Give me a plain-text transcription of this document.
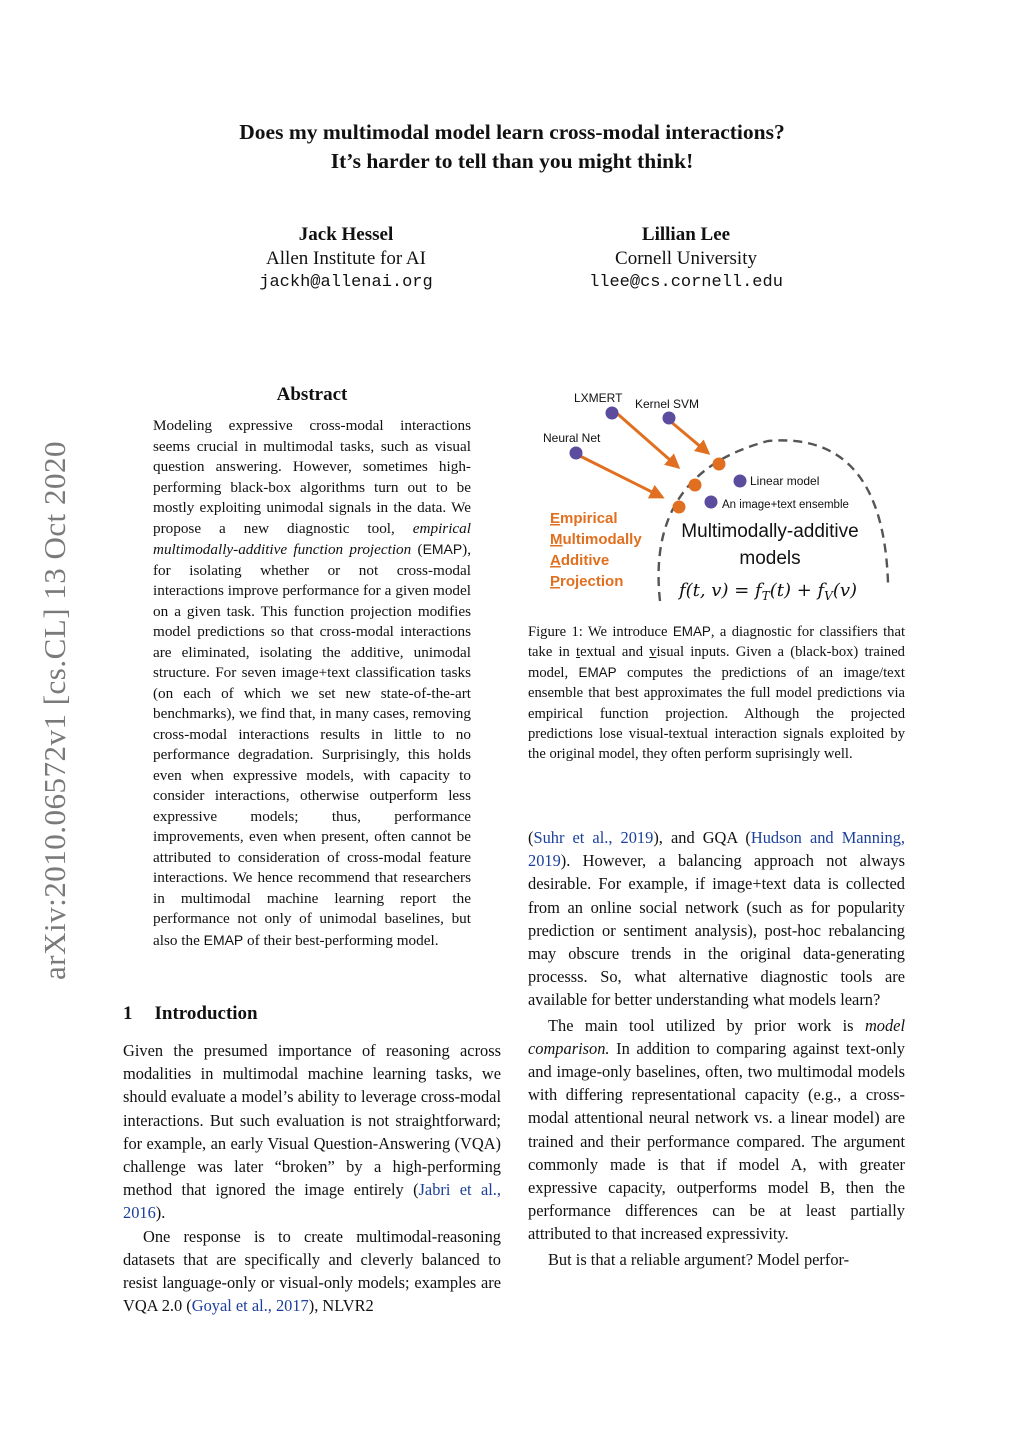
Does my multimodal model learn cross-modal interactions?
It’s harder to tell than you might think!
Jack Hessel
Allen Institute for AI
jackh@allenai.org
Lillian Lee
Cornell University
llee@cs.cornell.edu
arXiv:2010.06572v1 [cs.CL] 13 Oct 2020
Abstract

Modeling expressive cross-modal interactions seems crucial in multimodal tasks, such as visual question answering. However, sometimes high-performing black-box algorithms turn out to be mostly exploiting unimodal signals in the data. We propose a new diagnostic tool, empirical multimodally-additive function projection (EMAP), for isolating whether or not cross-modal interactions improve performance for a given model on a given task. This function projection modifies model predictions so that cross-modal interactions are eliminated, isolating the additive, unimodal structure. For seven image+text classification tasks (on each of which we set new state-of-the-art benchmarks), we find that, in many cases, removing cross-modal interactions results in little to no performance degradation. Surprisingly, this holds even when expressive models, with capacity to consider interactions, otherwise outperform less expressive models; thus, performance improvements, even when present, often cannot be attributed to consideration of cross-modal feature interactions. We hence recommend that researchers in multimodal machine learning report the performance not only of unimodal baselines, but also the EMAP of their best-performing model.

1 Introduction

Given the presumed importance of reasoning across modalities in multimodal machine learning tasks, we should evaluate a model’s ability to leverage cross-modal interactions. But such evaluation is not straightforward; for example, an early Visual Question-Answering (VQA) challenge was later “broken” by a high-performing method that ignored the image entirely (Jabri et al., 2016).

One response is to create multimodal-reasoning datasets that are specifically and cleverly balanced to resist language-only or visual-only models; examples are VQA 2.0 (Goyal et al., 2017), NLVR2

LXMERT Kernel SVM
Neural Net
Linear model
An image+text ensemble
Multimodally-additive
models
f(t, $v) = f_T(t) + f_V(v)$
Empirical
Multimodally
Additive
Projection
Figure 1: We introduce EMAP, a diagnostic for classifiers that take in textual and visual inputs. Given a (black-box) trained model, EMAP computes the predictions of an image/text ensemble that best approximates the full model predictions via empirical function projection. Although the projected predictions lose visual-textual interaction signals exploited by the original model, they often perform suprisingly well.

(Suhr et al., 2019), and GQA (Hudson and Manning, 2019). However, a balancing approach not always desirable. For example, if image+text data is collected from an online social network (such as for popularity prediction or sentiment analysis), post-hoc rebalancing may obscure trends in the original data-generating processs. So, what alternative diagnostic tools are available for better understanding what models learn?

The main tool utilized by prior work is model comparison. In addition to comparing against text-only and image-only baselines, often, two multimodal models with differing representational capacity (e.g., a cross-modal attentional neural network vs. a linear model) are trained and their performance compared. The argument commonly made is that if model A, with greater expressive capacity, outperforms model B, then the performance differences can be at least partially attributed to that increased expressivity.

But is that a reliable argument? Model perfor-
